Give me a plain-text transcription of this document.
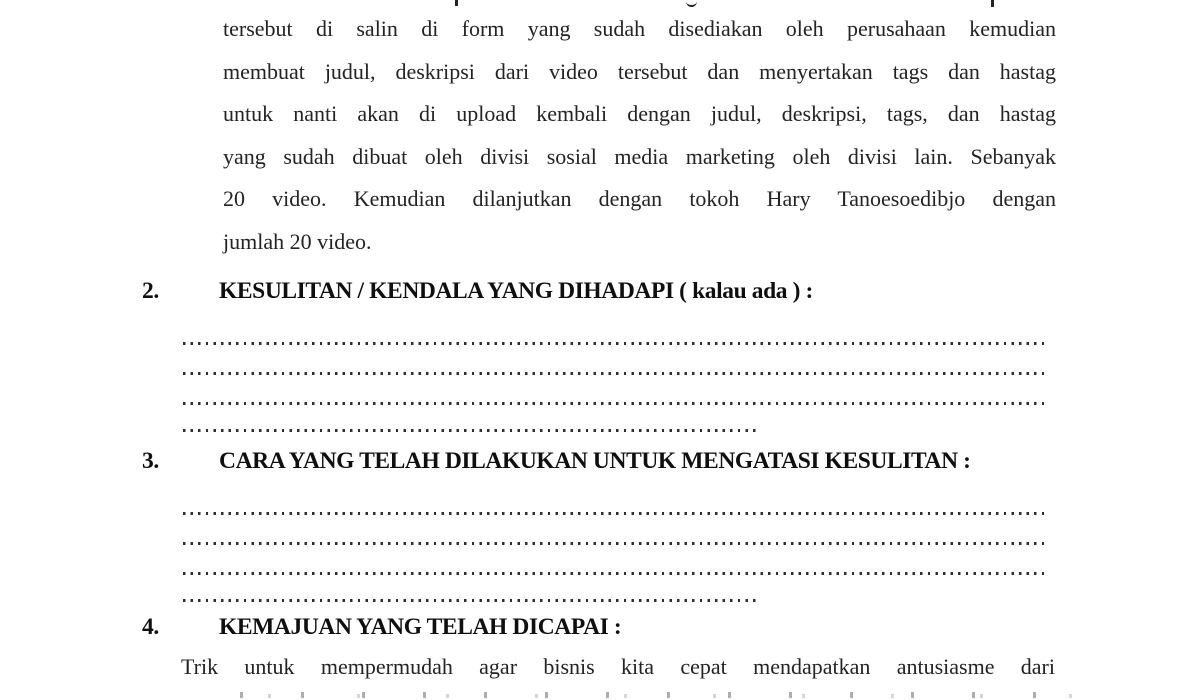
tersebut di salin di form yang sudah disediakan oleh perusahaan kemudian
membuat judul, deskripsi dari video tersebut dan menyertakan tags dan hastag
untuk nanti akan di upload kembali dengan judul, deskripsi, tags, dan hastag
yang sudah dibuat oleh divisi sosial media marketing oleh divisi lain. Sebanyak
20 video. Kemudian dilanjutkan dengan tokoh Hary Tanoesoedibjo dengan
jumlah 20 video.
2.	KESULITAN / KENDALA YANG DIHADAPI ( kalau ada ) :
3.	CARA YANG TELAH DILAKUKAN UNTUK MENGATASI KESULITAN :
4.	KEMAJUAN YANG TELAH DICAPAI :
Trik untuk mempermudah agar bisnis kita cepat mendapatkan antusiasme dari
